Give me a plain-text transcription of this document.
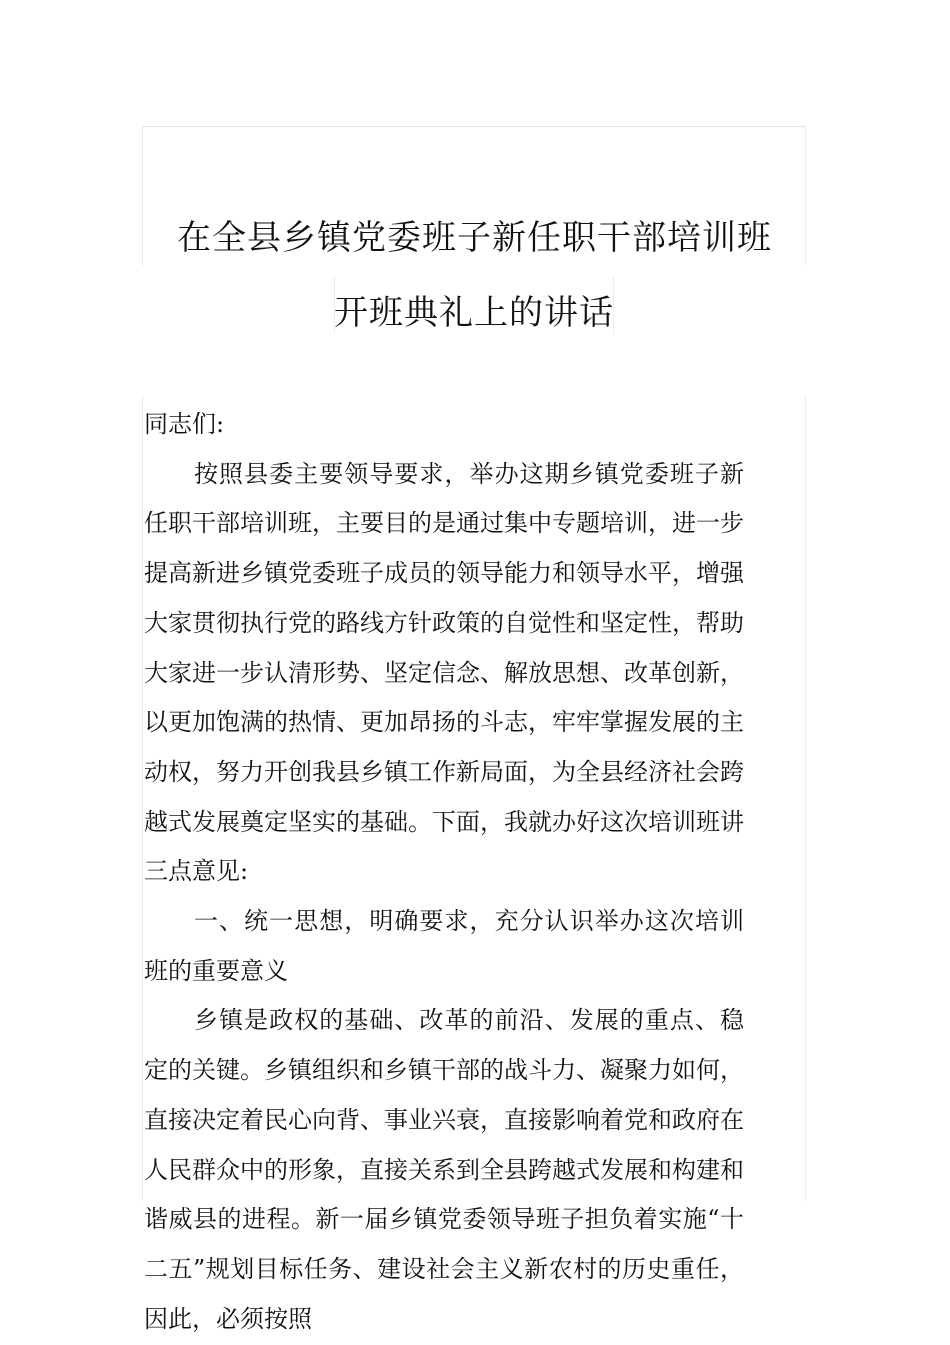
在全县乡镇党委班子新任职干部培训班
开班典礼上的讲话

同志们:

按照县委主要领导要求，举办这期乡镇党委班子新任职干部培训班，主要目的是通过集中专题培训，进一步提高新进乡镇党委班子成员的领导能力和领导水平，增强大家贯彻执行党的路线方针政策的自觉性和坚定性，帮助大家进一步认清形势、坚定信念、解放思想、改革创新，以更加饱满的热情、更加昂扬的斗志，牢牢掌握发展的主动权，努力开创我县乡镇工作新局面，为全县经济社会跨越式发展奠定坚实的基础。下面，我就办好这次培训班讲三点意见:

一、统一思想，明确要求，充分认识举办这次培训班的重要意义

乡镇是政权的基础、改革的前沿、发展的重点、稳定的关键。乡镇组织和乡镇干部的战斗力、凝聚力如何，直接决定着民心向背、事业兴衰，直接影响着党和政府在人民群众中的形象，直接关系到全县跨越式发展和构建和谐威县的进程。新一届乡镇党委领导班子担负着实施“十二五”规划目标任务、建设社会主义新农村的历史重任，因此，必须按照
